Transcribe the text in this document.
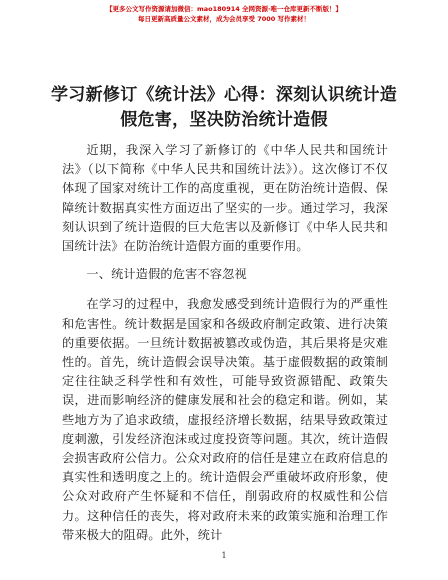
【更多公文写作资源请加微信：mao180914 全网资源·唯一仓库更新不断版！】
每日更新高质量公文素材，成为会员享受 7000 写作素材！
学习新修订《统计法》心得：深刻认识统计造
假危害，坚决防治统计造假

近期，我深入学习了新修订的《中华人民共和国统计法》（以下简称《中华人民共和国统计法》）。这次修订不仅体现了国家对统计工作的高度重视，更在防治统计造假、保障统计数据真实性方面迈出了坚实的一步。通过学习，我深刻认识到了统计造假的巨大危害以及新修订《中华人民共和国统计法》在防治统计造假方面的重要作用。

一、统计造假的危害不容忽视

在学习的过程中，我愈发感受到统计造假行为的严重性和危害性。统计数据是国家和各级政府制定政策、进行决策的重要依据。一旦统计数据被篡改或伪造，其后果将是灾难性的。首先，统计造假会误导决策。基于虚假数据的政策制定往往缺乏科学性和有效性，可能导致资源错配、政策失误，进而影响经济的健康发展和社会的稳定和谐。例如，某些地方为了追求政绩，虚报经济增长数据，结果导致政策过度刺激，引发经济泡沫或过度投资等问题。其次，统计造假会损害政府公信力。公众对政府的信任是建立在政府信息的真实性和透明度之上的。统计造假会严重破坏政府形象，使公众对政府产生怀疑和不信任，削弱政府的权威性和公信力。这种信任的丧失，将对政府未来的政策实施和治理工作带来极大的阻碍。此外，统计

1
